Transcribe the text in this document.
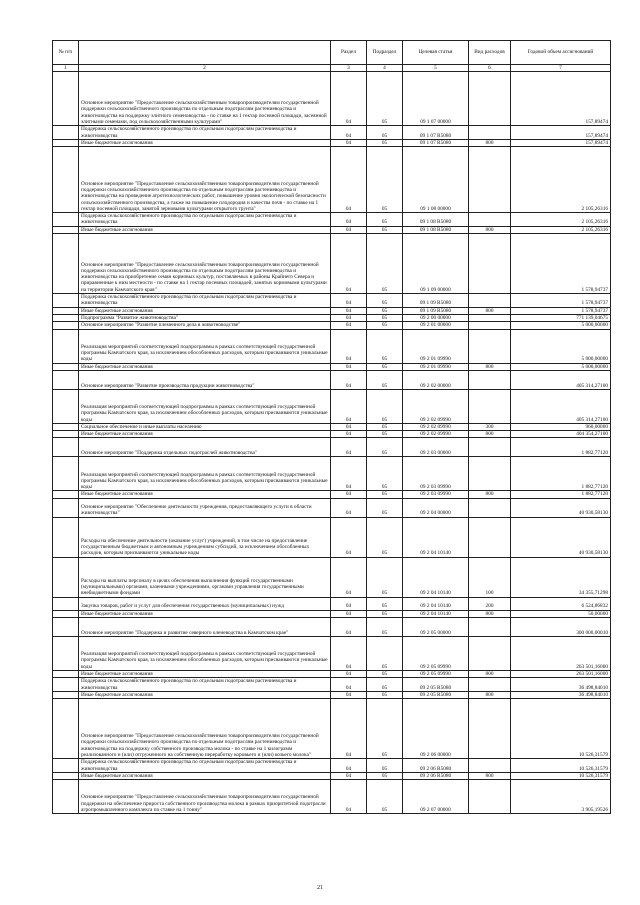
№ п/п		Раздел	Подраздел	Целевая статья	Вид расходов	Годовой объем ассигнований
1	2	3	4	5	6	7
	Основное мероприятие "Предоставление сельскохозяйственным товаропроизводителям государственной поддержки сельскохозяйственного производства по отдельным подотраслям растениеводства и животноводства на поддержку элитного семеноводства - по ставке на 1 гектар посевной площади, засеянной элитными семенами, под сельскохозяйственными культурами"	04	05	09 1 07 00000		157,89474
	Поддержка сельскохозяйственного производства по отдельным подотраслям растениеводства и животноводства	04	05	09 1 07 R5080		157,89474
	Иные бюджетные ассигнования	04	05	09 1 07 R5080	800	157,89474
	Основное мероприятие "Предоставление сельскохозяйственным товаропроизводителям государственной поддержки сельскохозяйственного производства по отдельным подотраслям растениеводства и животноводства на проведение агротехнологических работ, повышение уровня экологической безопасности сельскохозяйственного производства, а также на повышение плодородия и качества почв - по ставке на 1 гектар посевной площади, занятой зерновыми культурами открытого грунта"	04	05	09 1 08 00000		2 105,26316
	Поддержка сельскохозяйственного производства по отдельным подотраслям растениеводства и животноводства	04	05	09 1 08 R5080		2 105,26316
	Иные бюджетные ассигнования	04	05	09 1 08 R5080	800	2 105,26316
	Основное мероприятие "Предоставление сельскохозяйственным товаропроизводителям государственной поддержки сельскохозяйственного производства по отдельным подотраслям растениеводства и животноводства на приобретение семян кормовых культур, поставляемых в районы Крайнего Севера и приравненные к ним местности - по ставке на 1 гектар посевных площадей, занятых кормовыми культурами на территории Камчатского края"	04	05	09 1 09 00000		1 578,94737
	Поддержка сельскохозяйственного производства по отдельным подотраслям растениеводства и животноводства	04	05	09 1 09 R5080		1 578,94737
	Иные бюджетные ассигнования	04	05	09 1 09 R5080	800	1 578,94737
	Подпрограмма "Развитие животноводства"	04	05	09 2 00 00000		771 139,04675
	Основное мероприятие "Развитие племенного дела в животноводстве"	04	05	09 2 01 00000		5 000,00000
	Реализация мероприятий соответствующей подпрограммы в рамках соответствующей государственной программы Камчатского края, за исключением обособленных расходов, которым присваиваются уникальные коды	04	05	09 2 01 09990		5 000,00000
	Иные бюджетные ассигнования	04	05	09 2 01 09990	800	5 000,00000
	Основное мероприятие "Развитие производства продукции животноводства"	04	05	09 2 02 00000		405 314,27100
	Реализация мероприятий соответствующей подпрограммы в рамках соответствующей государственной программы Камчатского края, за исключением обособленных расходов, которым присваиваются уникальные коды	04	05	09 2 02 09990		405 314,27100
	Социальное обеспечение и иные выплаты населению	04	05	09 2 02 09990	300	960,00000
	Иные бюджетные ассигнования	04	05	09 2 02 09990	800	404 354,27100
	Основное мероприятие "Поддержка отдельных подотраслей животноводства"	04	05	09 2 03 00000		1 882,77120
	Реализация мероприятий соответствующей подпрограммы в рамках соответствующей государственной программы Камчатского края, за исключением обособленных расходов, которым присваиваются уникальные коды	04	05	09 2 03 09990		1 882,77120
	Иные бюджетные ассигнования	04	05	09 2 03 09990	800	1 882,77120
	Основное мероприятие "Обеспечение деятельности учреждения, предоставляющего услуги в области животноводства"	04	05	09 2 04 00000		40 930,58130
	Расходы на обеспечение деятельности (оказание услуг) учреждений, в том числе на предоставление государственным бюджетным и автономным учреждениям субсидий, за исключением обособленных расходов, которым присваиваются уникальные коды	04	05	09 2 04 10140		40 930,58130
	Расходы на выплаты персоналу в целях обеспечения выполнения функций государственными (муниципальными) органами, казенными учреждениями, органами управления государственными внебюджетными фондами	04	05	09 2 04 10140	100	34 355,71298
	Закупка товаров, работ и услуг для обеспечения государственных (муниципальных) нужд	04	05	09 2 04 10140	200	6 524,86832
	Иные бюджетные ассигнования	04	05	09 2 04 10140	800	50,00000
	Основное мероприятие "Поддержка и развитие северного оленеводства в Камчатском крае"	04	05	09 2 05 00000		300 000,00010
	Реализация мероприятий соответствующей подпрограммы в рамках соответствующей государственной программы Камчатского края, за исключением обособленных расходов, которым присваиваются уникальные коды	04	05	09 2 05 09990		263 501,16000
	Иные бюджетные ассигнования	04	05	09 2 05 09990	800	263 501,16000
	Поддержка сельскохозяйственного производства по отдельным подотраслям растениеводства и животноводства	04	05	09 2 05 R5080		36 498,84010
	Иные бюджетные ассигнования	04	05	09 2 05 R5080	800	36 498,84010
	Основное мероприятие "Предоставление сельскохозяйственным товаропроизводителям государственной поддержки сельскохозяйственного производства по отдельным подотраслям растениеводства и животноводства на поддержку собственного производства молока - по ставке на 1 килограмм реализованного и (или) отгруженного на собственную переработку коровьего и (или) козьего молока"	04	05	09 2 06 00000		10 526,31579
	Поддержка сельскохозяйственного производства по отдельным подотраслям растениеводства и животноводства	04	05	09 2 06 R5080		10 526,31579
	Иные бюджетные ассигнования	04	05	09 2 06 R5080	800	10 526,31579
	Основное мероприятие "Предоставление сельскохозяйственным товаропроизводителям государственной поддержки на обеспечение прироста собственного производства молока в рамках приоритетной подотрасли агропромышленного комплекса по ставке на 1 тонну"	04	05	09 2 07 00000		3 905,19526
21
